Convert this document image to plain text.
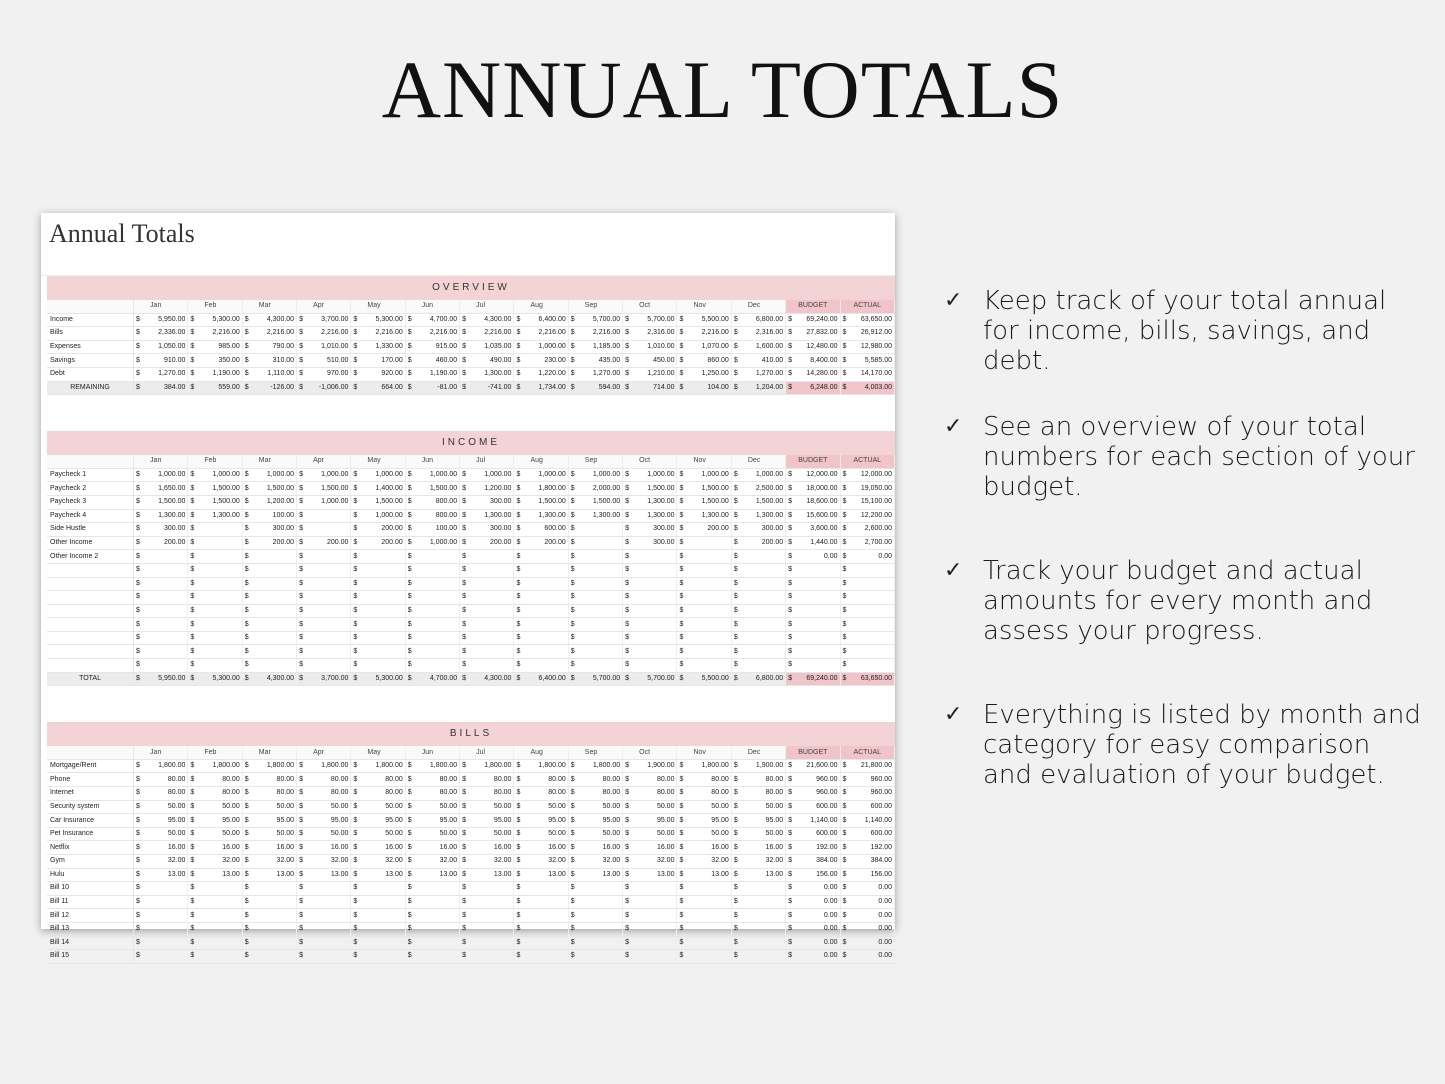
ANNUAL TOTALS
Annual Totals
OVERVIEW
	Jan	Feb	Mar	Apr	May	Jun	Jul	Aug	Sep	Oct	Nov	Dec	BUDGET	ACTUAL
Income	$ 5,950.00	$ 5,300.00	$ 4,300.00	$ 3,700.00	$ 5,300.00	$ 4,700.00	$ 4,300.00	$ 6,400.00	$ 5,700.00	$ 5,700.00	$ 5,500.00	$ 6,800.00	$ 69,240.00	$ 63,650.00

Bills	$ 2,336.00	$ 2,216.00	$ 2,216.00	$ 2,216.00	$ 2,216.00	$ 2,216.00	$ 2,216.00	$ 2,216.00	$ 2,216.00	$ 2,316.00	$ 2,216.00	$ 2,316.00	$ 27,832.00	$ 26,912.00

Expenses	$ 1,050.00	$ 985.00	$ 790.00	$ 1,010.00	$ 1,330.00	$ 915.00	$ 1,035.00	$ 1,000.00	$ 1,185.00	$ 1,010.00	$ 1,070.00	$ 1,600.00	$ 12,480.00	$ 12,980.00

Savings	$ 910.00	$ 350.00	$ 310.00	$ 510.00	$ 170.00	$ 460.00	$ 490.00	$ 230.00	$ 435.00	$ 450.00	$ 860.00	$ 410.00	$ 8,400.00	$ 5,585.00

Debt	$ 1,270.00	$ 1,190.00	$ 1,110.00	$ 970.00	$ 920.00	$ 1,190.00	$ 1,300.00	$ 1,220.00	$ 1,270.00	$ 1,210.00	$ 1,250.00	$ 1,270.00	$ 14,280.00	$ 14,170.00

REMAINING	$ 384.00	$ 559.00	$ -126.00	$ -1,006.00	$ 664.00	$ -81.00	$ -741.00	$ 1,734.00	$ 594.00	$ 714.00	$ 104.00	$ 1,204.00	$ 6,248.00	$ 4,003.00
INCOME
	Jan	Feb	Mar	Apr	May	Jun	Jul	Aug	Sep	Oct	Nov	Dec	BUDGET	ACTUAL
Paycheck 1	$ 1,000.00	$ 1,000.00	$ 1,000.00	$ 1,000.00	$ 1,000.00	$ 1,000.00	$ 1,000.00	$ 1,000.00	$ 1,000.00	$ 1,000.00	$ 1,000.00	$ 1,000.00	$ 12,000.00	$ 12,000.00

Paycheck 2	$ 1,650.00	$ 1,500.00	$ 1,500.00	$ 1,500.00	$ 1,400.00	$ 1,500.00	$ 1,200.00	$ 1,800.00	$ 2,000.00	$ 1,500.00	$ 1,500.00	$ 2,500.00	$ 18,000.00	$ 19,050.00

Paycheck 3	$ 1,500.00	$ 1,500.00	$ 1,200.00	$ 1,000.00	$ 1,500.00	$ 800.00	$ 300.00	$ 1,500.00	$ 1,500.00	$ 1,300.00	$ 1,500.00	$ 1,500.00	$ 18,600.00	$ 15,100.00

Paycheck 4	$ 1,300.00	$ 1,300.00	$ 100.00	$	$ 1,000.00	$ 800.00	$ 1,300.00	$ 1,300.00	$ 1,300.00	$ 1,300.00	$ 1,300.00	$ 1,300.00	$ 15,600.00	$ 12,200.00

Side Hustle	$ 300.00	$	$ 300.00	$	$ 200.00	$ 100.00	$ 300.00	$ 600.00	$	$ 300.00	$ 200.00	$ 300.00	$ 3,600.00	$ 2,600.00

Other Income	$ 200.00	$	$ 200.00	$ 200.00	$ 200.00	$ 1,000.00	$ 200.00	$ 200.00	$	$ 300.00	$	$ 200.00	$ 1,440.00	$ 2,700.00

Other Income 2	$	$	$	$	$	$	$	$	$	$	$	$	$ 0.00	$ 0.00

	$	$	$	$	$	$	$	$	$	$	$	$	$	$

	$	$	$	$	$	$	$	$	$	$	$	$	$	$

	$	$	$	$	$	$	$	$	$	$	$	$	$	$

	$	$	$	$	$	$	$	$	$	$	$	$	$	$

	$	$	$	$	$	$	$	$	$	$	$	$	$	$

	$	$	$	$	$	$	$	$	$	$	$	$	$	$

	$	$	$	$	$	$	$	$	$	$	$	$	$	$

	$	$	$	$	$	$	$	$	$	$	$	$	$	$

TOTAL	$ 5,950.00	$ 5,300.00	$ 4,300.00	$ 3,700.00	$ 5,300.00	$ 4,700.00	$ 4,300.00	$ 6,400.00	$ 5,700.00	$ 5,700.00	$ 5,500.00	$ 6,800.00	$ 69,240.00	$ 63,650.00
BILLS
	Jan	Feb	Mar	Apr	May	Jun	Jul	Aug	Sep	Oct	Nov	Dec	BUDGET	ACTUAL
Mortgage/Rent	$ 1,800.00	$ 1,800.00	$ 1,800.00	$ 1,800.00	$ 1,800.00	$ 1,800.00	$ 1,800.00	$ 1,800.00	$ 1,800.00	$ 1,900.00	$ 1,800.00	$ 1,900.00	$ 21,600.00	$ 21,800.00

Phone	$ 80.00	$ 80.00	$ 80.00	$ 80.00	$ 80.00	$ 80.00	$ 80.00	$ 80.00	$ 80.00	$ 80.00	$ 80.00	$ 80.00	$ 960.00	$ 960.00

Internet	$ 80.00	$ 80.00	$ 80.00	$ 80.00	$ 80.00	$ 80.00	$ 80.00	$ 80.00	$ 80.00	$ 80.00	$ 80.00	$ 80.00	$ 960.00	$ 960.00

Security system	$ 50.00	$ 50.00	$ 50.00	$ 50.00	$ 50.00	$ 50.00	$ 50.00	$ 50.00	$ 50.00	$ 50.00	$ 50.00	$ 50.00	$ 600.00	$ 600.00

Car Insurance	$ 95.00	$ 95.00	$ 95.00	$ 95.00	$ 95.00	$ 95.00	$ 95.00	$ 95.00	$ 95.00	$ 95.00	$ 95.00	$ 95.00	$ 1,140.00	$ 1,140.00

Pet Insurance	$ 50.00	$ 50.00	$ 50.00	$ 50.00	$ 50.00	$ 50.00	$ 50.00	$ 50.00	$ 50.00	$ 50.00	$ 50.00	$ 50.00	$ 600.00	$ 600.00

Netflix	$ 16.00	$ 16.00	$ 16.00	$ 16.00	$ 16.00	$ 16.00	$ 16.00	$ 16.00	$ 16.00	$ 16.00	$ 16.00	$ 16.00	$ 192.00	$ 192.00

Gym	$ 32.00	$ 32.00	$ 32.00	$ 32.00	$ 32.00	$ 32.00	$ 32.00	$ 32.00	$ 32.00	$ 32.00	$ 32.00	$ 32.00	$ 384.00	$ 384.00

Hulu	$ 13.00	$ 13.00	$ 13.00	$ 13.00	$ 13.00	$ 13.00	$ 13.00	$ 13.00	$ 13.00	$ 13.00	$ 13.00	$ 13.00	$ 156.00	$ 156.00

Bill 10	$	$	$	$	$	$	$	$	$	$	$	$	$ 0.00	$ 0.00

Bill 11	$	$	$	$	$	$	$	$	$	$	$	$	$ 0.00	$ 0.00

Bill 12	$	$	$	$	$	$	$	$	$	$	$	$	$ 0.00	$ 0.00

Bill 13	$	$	$	$	$	$	$	$	$	$	$	$	$ 0.00	$ 0.00

Bill 14	$	$	$	$	$	$	$	$	$	$	$	$	$ 0.00	$ 0.00

Bill 15	$	$	$	$	$	$	$	$	$	$	$	$	$ 0.00	$ 0.00
✓ Keep track of your total annual for income, bills, savings, and debt.
✓ See an overview of your total numbers for each section of your budget.
✓ Track your budget and actual amounts for every month and assess your progress.
✓ Everything is listed by month and category for easy comparison and evaluation of your budget.
